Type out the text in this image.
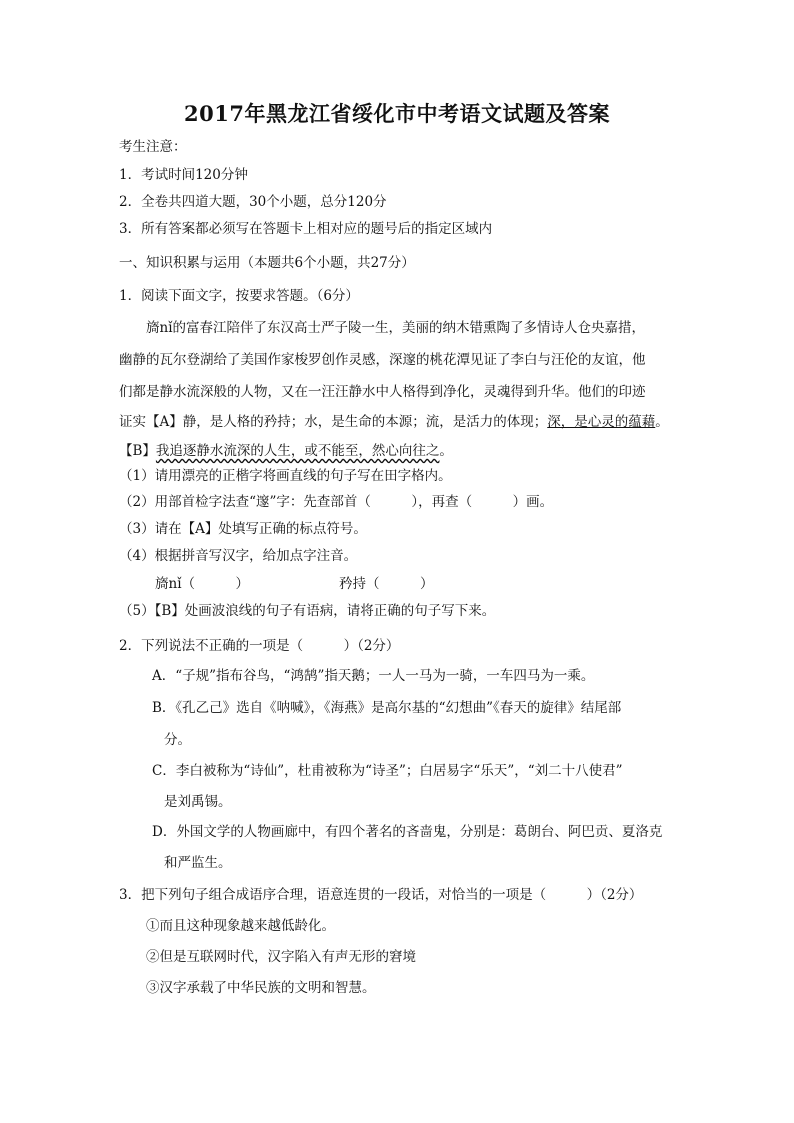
2017年黑龙江省绥化市中考语文试题及答案
考生注意：
1．考试时间120分钟
2．全卷共四道大题，30个小题，总分120分
3．所有答案都必须写在答题卡上相对应的题号后的指定区域内
一、知识积累与运用（本题共6个小题，共27分）
1．阅读下面文字，按要求答题。（6分）
旖nǐ的富春江陪伴了东汉高士严子陵一生，美丽的纳木错熏陶了多情诗人仓央嘉措，
幽静的瓦尔登湖给了美国作家梭罗创作灵感，深邃的桃花潭见证了李白与汪伦的友谊，他
们都是静水流深般的人物，又在一汪汪静水中人格得到净化，灵魂得到升华。他们的印迹
证实【A】静，是人格的矜持；水，是生命的本源；流，是活力的体现；深，是心灵的蕴藉。
【B】我追逐静水流深的人生，或不能至，然心向往之。
（1）请用漂亮的正楷字将画直线的句子写在田字格内。
（2）用部首检字法查“邃”字：先查部首（　　　），再查（　　　）画。
（3）请在【A】处填写正确的标点符号。
（4）根据拼音写汉字，给加点字注音。
旖nǐ（　　　）	矜持（　　　）
（5）【B】处画波浪线的句子有语病，请将正确的句子写下来。
2．下列说法不正确的一项是（　　　）（2分）
A．“子规”指布谷鸟，“鸿鹄”指天鹅；一人一马为一骑，一车四马为一乘。
B．《孔乙己》选自《呐喊》，《海燕》是高尔基的“幻想曲”《春天的旋律》结尾部
分。
C．李白被称为“诗仙”，杜甫被称为“诗圣”；白居易字“乐天”，“刘二十八使君”
是刘禹锡。
D．外国文学的人物画廊中，有四个著名的吝啬鬼，分别是：葛朗台、阿巴贡、夏洛克
和严监生。
3．把下列句子组合成语序合理，语意连贯的一段话，对恰当的一项是（　　　）（2分）
①而且这种现象越来越低龄化。
②但是互联网时代，汉字陷入有声无形的窘境
③汉字承载了中华民族的文明和智慧。
